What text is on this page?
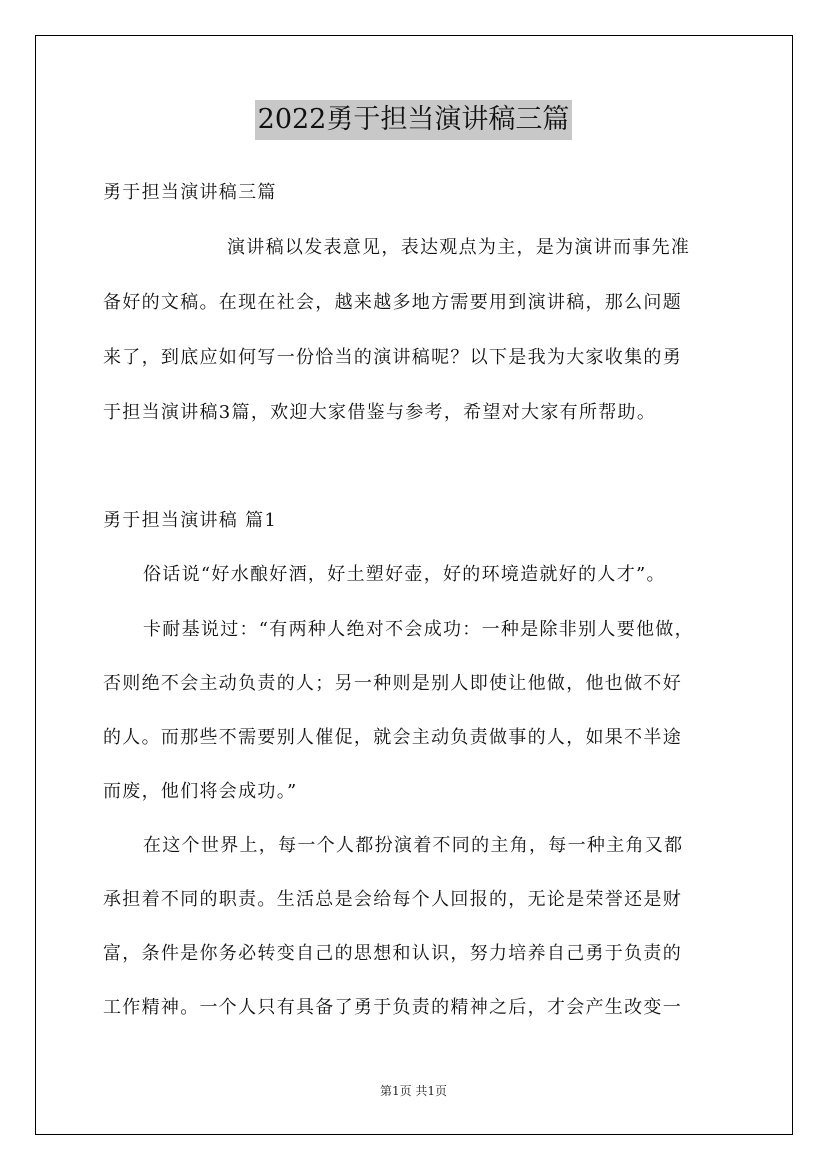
2022勇于担当演讲稿三篇
勇于担当演讲稿三篇
演讲稿以发表意见，表达观点为主，是为演讲而事先准
备好的文稿。在现在社会，越来越多地方需要用到演讲稿，那么问题
来了，到底应如何写一份恰当的演讲稿呢？以下是我为大家收集的勇
于担当演讲稿3篇，欢迎大家借鉴与参考，希望对大家有所帮助。
勇于担当演讲稿 篇1
俗话说“好水酿好酒，好土塑好壶，好的环境造就好的人才”。
卡耐基说过：“有两种人绝对不会成功：一种是除非别人要他做，
否则绝不会主动负责的人；另一种则是别人即使让他做，他也做不好
的人。而那些不需要别人催促，就会主动负责做事的人，如果不半途
而废，他们将会成功。”
在这个世界上，每一个人都扮演着不同的主角，每一种主角又都
承担着不同的职责。生活总是会给每个人回报的，无论是荣誉还是财
富，条件是你务必转变自己的思想和认识，努力培养自己勇于负责的
工作精神。一个人只有具备了勇于负责的精神之后，才会产生改变一
第1页 共1页
